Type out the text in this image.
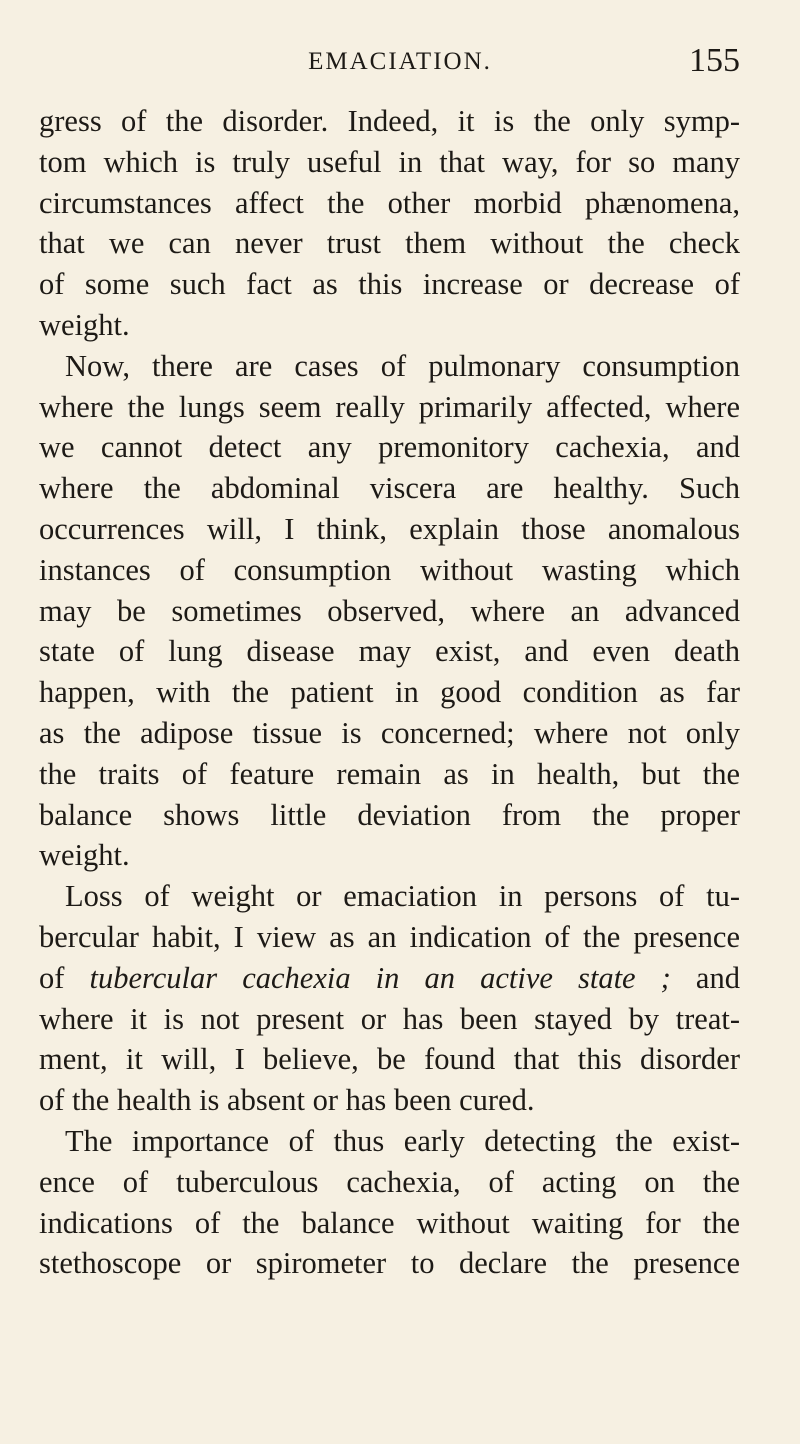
EMACIATION.	155
gress of the disorder. Indeed, it is the only symp-
tom which is truly useful in that way, for so many
circumstances affect the other morbid phænomena,
that we can never trust them without the check
of some such fact as this increase or decrease of
weight.
Now, there are cases of pulmonary consumption
where the lungs seem really primarily affected, where
we cannot detect any premonitory cachexia, and
where the abdominal viscera are healthy. Such
occurrences will, I think, explain those anomalous
instances of consumption without wasting which
may be sometimes observed, where an advanced
state of lung disease may exist, and even death
happen, with the patient in good condition as far
as the adipose tissue is concerned; where not only
the traits of feature remain as in health, but the
balance shows little deviation from the proper
weight.
Loss of weight or emaciation in persons of tu-
bercular habit, I view as an indication of the presence
of tubercular cachexia in an active state ; and
where it is not present or has been stayed by treat-
ment, it will, I believe, be found that this disorder
of the health is absent or has been cured.
The importance of thus early detecting the exist-
ence of tuberculous cachexia, of acting on the
indications of the balance without waiting for the
stethoscope or spirometer to declare the presence
